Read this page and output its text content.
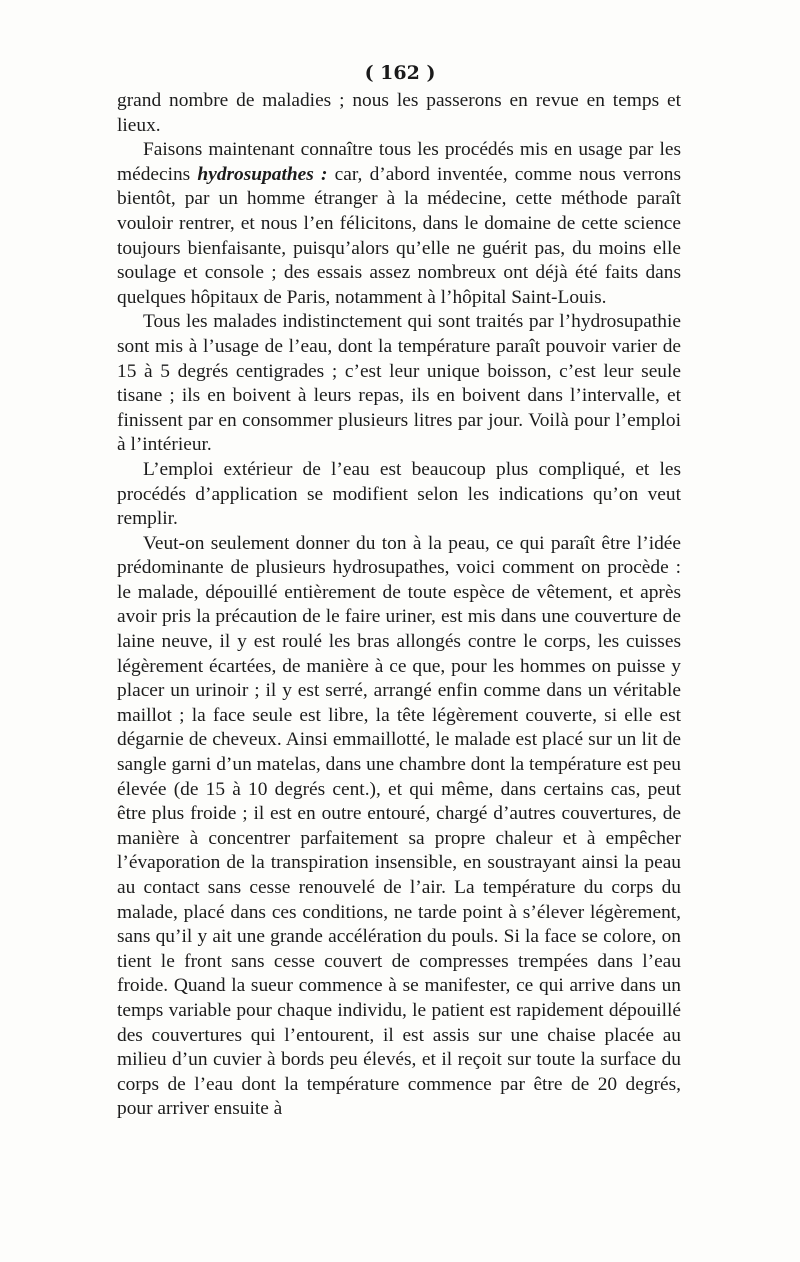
( 162 )

grand nombre de maladies ; nous les passerons en revue en temps et lieux.

Faisons maintenant connaître tous les procédés mis en usage par les médecins hydrosupathes : car, d’abord inventée, comme nous verrons bientôt, par un homme étranger à la médecine, cette méthode paraît vouloir rentrer, et nous l’en félicitons, dans le domaine de cette science toujours bienfaisante, puisqu’alors qu’elle ne guérit pas, du moins elle soulage et console ; des essais assez nombreux ont déjà été faits dans quelques hôpitaux de Paris, notamment à l’hôpital Saint-Louis.

Tous les malades indistinctement qui sont traités par l’hydrosupathie sont mis à l’usage de l’eau, dont la température paraît pouvoir varier de 15 à 5 degrés centigrades ; c’est leur unique boisson, c’est leur seule tisane ; ils en boivent à leurs repas, ils en boivent dans l’intervalle, et finissent par en consommer plusieurs litres par jour. Voilà pour l’emploi à l’intérieur.

L’emploi extérieur de l’eau est beaucoup plus compliqué, et les procédés d’application se modifient selon les indications qu’on veut remplir.

Veut-on seulement donner du ton à la peau, ce qui paraît être l’idée prédominante de plusieurs hydrosupathes, voici comment on procède : le malade, dépouillé entièrement de toute espèce de vêtement, et après avoir pris la précaution de le faire uriner, est mis dans une couverture de laine neuve, il y est roulé les bras allongés contre le corps, les cuisses légèrement écartées, de manière à ce que, pour les hommes on puisse y placer un urinoir ; il y est serré, arrangé enfin comme dans un véritable maillot ; la face seule est libre, la tête légèrement couverte, si elle est dégarnie de cheveux. Ainsi emmaillotté, le malade est placé sur un lit de sangle garni d’un matelas, dans une chambre dont la température est peu élevée (de 15 à 10 degrés cent.), et qui même, dans certains cas, peut être plus froide ; il est en outre entouré, chargé d’autres couvertures, de manière à concentrer parfaitement sa propre chaleur et à empêcher l’évaporation de la transpiration insensible, en soustrayant ainsi la peau au contact sans cesse renouvelé de l’air. La température du corps du malade, placé dans ces conditions, ne tarde point à s’élever légèrement, sans qu’il y ait une grande accélération du pouls. Si la face se colore, on tient le front sans cesse couvert de compresses trempées dans l’eau froide. Quand la sueur commence à se manifester, ce qui arrive dans un temps variable pour chaque individu, le patient est rapidement dépouillé des couvertures qui l’entourent, il est assis sur une chaise placée au milieu d’un cuvier à bords peu élevés, et il reçoit sur toute la surface du corps de l’eau dont la température commence par être de 20 degrés, pour arriver ensuite à
